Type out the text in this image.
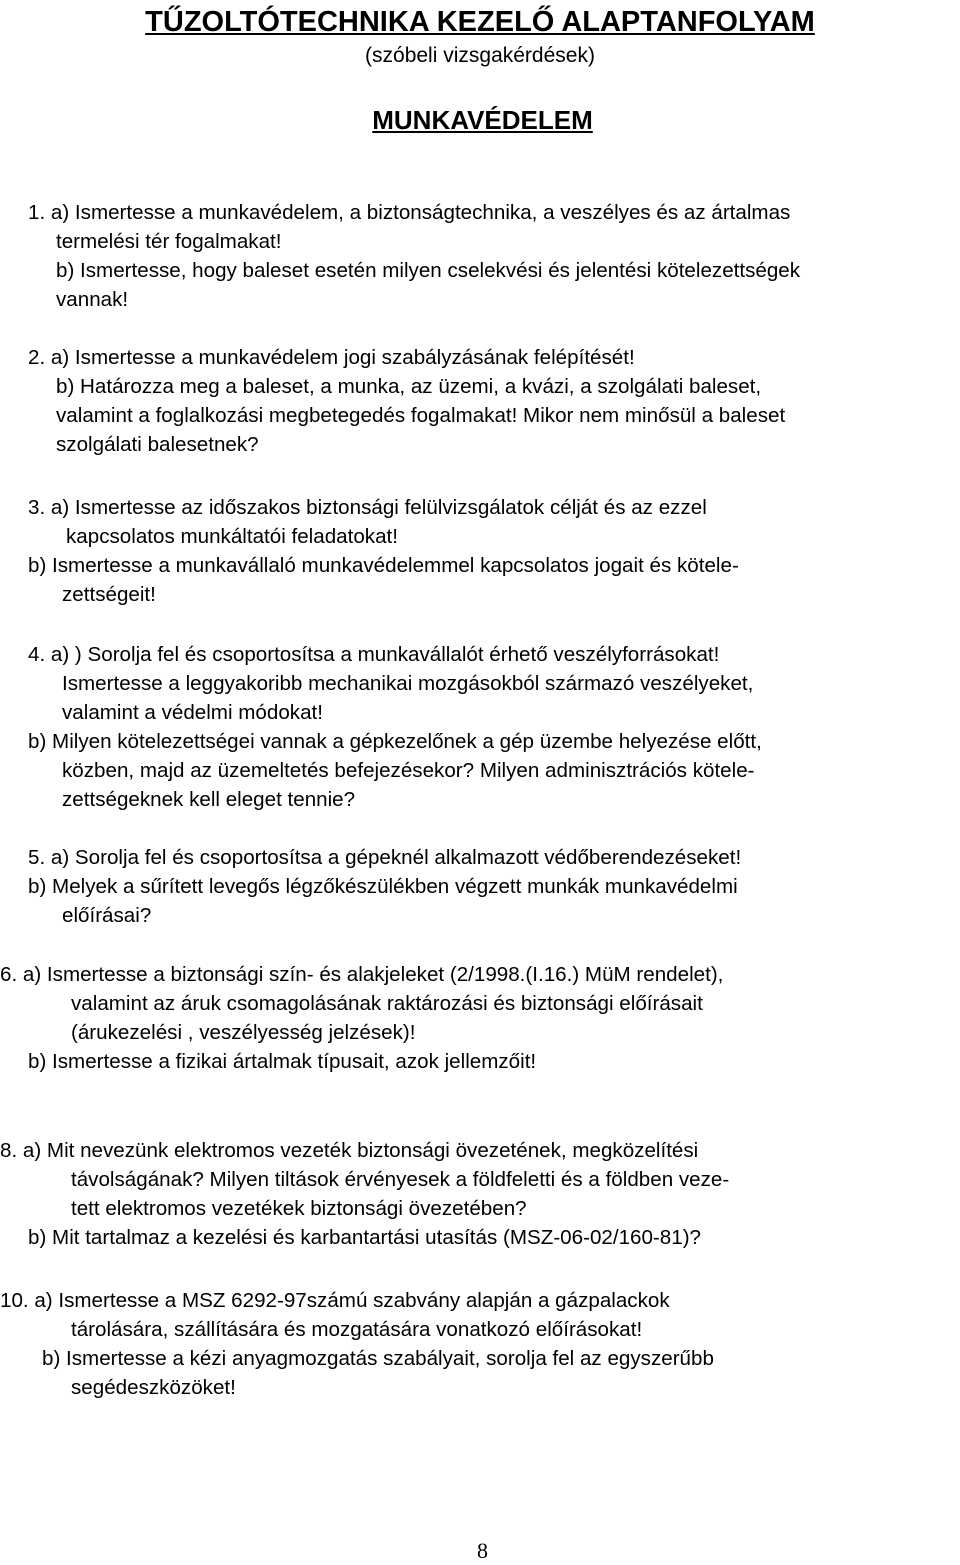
TŰZOLTÓTECHNIKA KEZELŐ ALAPTANFOLYAM
(szóbeli vizsgakérdések)
MUNKAVÉDELEM

1. a) Ismertesse a munkavédelem, a biztonságtechnika, a veszélyes és az ártalmas

termelési tér fogalmakat!

b) Ismertesse, hogy baleset esetén milyen cselekvési és jelentési kötelezettségek

vannak!

2. a) Ismertesse a munkavédelem jogi szabályzásának felépítését!

b) Határozza meg a baleset, a munka, az üzemi, a kvázi, a szolgálati baleset,

valamint a foglalkozási megbetegedés fogalmakat! Mikor nem minősül a baleset

szolgálati balesetnek?

3. a) Ismertesse az időszakos biztonsági felülvizsgálatok célját és az ezzel

kapcsolatos munkáltatói feladatokat!

b) Ismertesse a munkavállaló munkavédelemmel kapcsolatos jogait és kötele-

zettségeit!

4. a) ) Sorolja fel és csoportosítsa a munkavállalót érhető veszélyforrásokat!

Ismertesse a leggyakoribb mechanikai mozgásokból származó veszélyeket,

valamint a védelmi módokat!

b) Milyen kötelezettségei vannak a gépkezelőnek a gép üzembe helyezése előtt,

közben, majd az üzemeltetés befejezésekor? Milyen adminisztrációs kötele-

zettségeknek kell eleget tennie?

5. a) Sorolja fel és csoportosítsa a gépeknél alkalmazott védőberendezéseket!

b) Melyek a sűrített levegős légzőkészülékben végzett munkák munkavédelmi

előírásai?

6. a) Ismertesse a biztonsági szín- és alakjeleket (2/1998.(I.16.) MüM rendelet),

valamint az áruk csomagolásának raktározási és biztonsági előírásait

(árukezelési , veszélyesség jelzések)!

b) Ismertesse a fizikai ártalmak típusait, azok jellemzőit!

8. a) Mit nevezünk elektromos vezeték biztonsági övezetének, megközelítési

távolságának? Milyen tiltások érvényesek a földfeletti és a földben veze-

tett elektromos vezetékek biztonsági övezetében?

b) Mit tartalmaz a kezelési és karbantartási utasítás (MSZ-06-02/160-81)?

10. a) Ismertesse a MSZ 6292-97számú szabvány alapján a gázpalackok

tárolására, szállítására és mozgatására vonatkozó előírásokat!

b) Ismertesse a kézi anyagmozgatás szabályait, sorolja fel az egyszerűbb

segédeszközöket!

8
